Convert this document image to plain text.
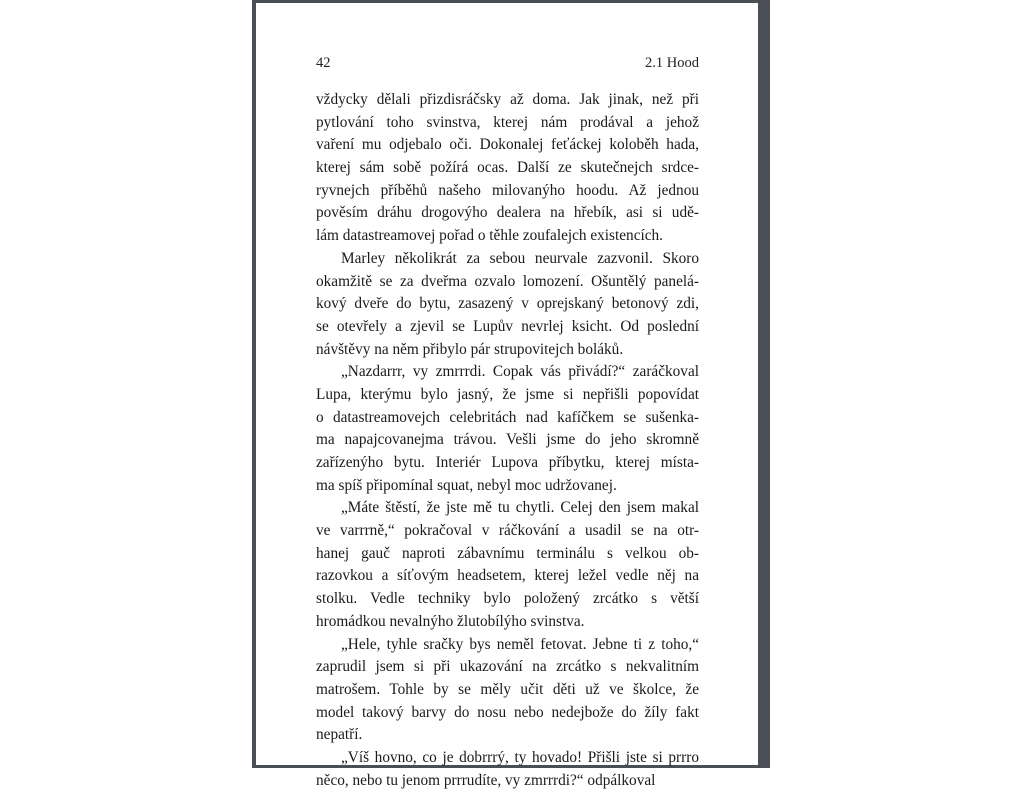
42	2.1 Hood
vždycky dělali přizdisráčsky až doma. Jak jinak, než při
pytlování toho svinstva, kterej nám prodával a jehož
vaření mu odjebalo oči. Dokonalej feťáckej koloběh hada,
kterej sám sobě požírá ocas. Další ze skutečnejch srdce-
ryvnejch příběhů našeho milovanýho hoodu. Až jednou
pověsím dráhu drogovýho dealera na hřebík, asi si udě-
lám datastreamovej pořad o těhle zoufalejch existencích.
Marley několikrát za sebou neurvale zazvonil. Skoro
okamžitě se za dveřma ozvalo lomození. Ošuntělý panelá-
kový dveře do bytu, zasazený v oprejskaný betonový zdi,
se otevřely a zjevil se Lupův nevrlej ksicht. Od poslední
návštěvy na něm přibylo pár strupovitejch boláků.
„Nazdarrr, vy zmrrrdi. Copak vás přivádí?“ zaráčkoval
Lupa, kterýmu bylo jasný, že jsme si nepřišli popovídat
o datastreamovejch celebritách nad kafíčkem se sušenka-
ma napajcovanejma trávou. Vešli jsme do jeho skromně
zařízenýho bytu. Interiér Lupova příbytku, kterej místa-
ma spíš připomínal squat, nebyl moc udržovanej.
„Máte štěstí, že jste mě tu chytli. Celej den jsem makal
ve varrrně,“ pokračoval v ráčkování a usadil se na otr-
hanej gauč naproti zábavnímu terminálu s velkou ob-
razovkou a síťovým headsetem, kterej ležel vedle něj na
stolku. Vedle techniky bylo položený zrcátko s větší
hromádkou nevalnýho žlutobílýho svinstva.
„Hele, tyhle sračky bys neměl fetovat. Jebne ti z toho,“
zaprudil jsem si při ukazování na zrcátko s nekvalitním
matrošem. Tohle by se měly učit děti už ve školce, že
model takový barvy do nosu nebo nedejbože do žíly fakt
nepatří.
„Víš hovno, co je dobrrrý, ty hovado! Přišli jste si prrro
něco, nebo tu jenom prrrudíte, vy zmrrrdi?“ odpálkoval
